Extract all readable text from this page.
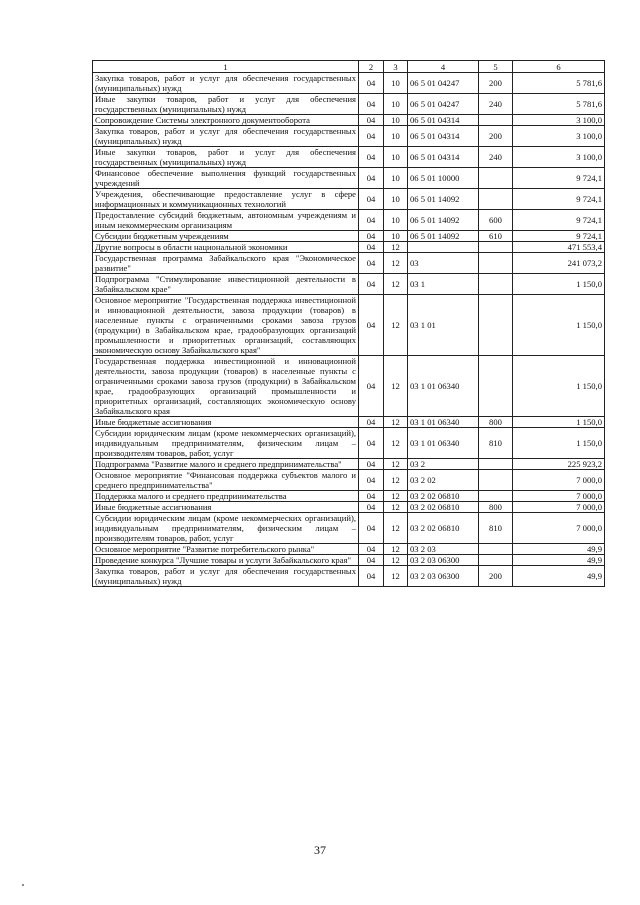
1	2	3	4	5	6
Закупка товаров, работ и услуг для обеспечения государственных (муниципальных) нужд	04	10	06 5 01 04247	200	5 781,6
Иные закупки товаров, работ и услуг для обеспечения государственных (муниципальных) нужд	04	10	06 5 01 04247	240	5 781,6
Сопровождение Системы электронного документооборота	04	10	06 5 01 04314		3 100,0
Закупка товаров, работ и услуг для обеспечения государственных (муниципальных) нужд	04	10	06 5 01 04314	200	3 100,0
Иные закупки товаров, работ и услуг для обеспечения государственных (муниципальных) нужд	04	10	06 5 01 04314	240	3 100,0
Финансовое обеспечение выполнения функций государственных учреждений	04	10	06 5 01 10000		9 724,1
Учреждения, обеспечивающие предоставление услуг в сфере информационных и коммуникационных технологий	04	10	06 5 01 14092		9 724,1
Предоставление субсидий бюджетным, автономным учреждениям и иным некоммерческим организациям	04	10	06 5 01 14092	600	9 724,1
Субсидии бюджетным учреждениям	04	10	06 5 01 14092	610	9 724,1
Другие вопросы в области национальной экономики	04	12			471 553,4
Государственная программа Забайкальского края "Экономическое развитие"	04	12	03		241 073,2
Подпрограмма "Стимулирование инвестиционной деятельности в Забайкальском крае"	04	12	03 1		1 150,0
Основное мероприятие "Государственная поддержка инвестиционной и инновационной деятельности, завоза продукции (товаров) в населенные пункты с ограниченными сроками завоза грузов (продукции) в Забайкальском крае, градообразующих организаций промышленности и приоритетных организаций, составляющих экономическую основу Забайкальского края"	04	12	03 1 01		1 150,0
Государственная поддержка инвестиционной и инновационной деятельности, завоза продукции (товаров) в населенные пункты с ограниченными сроками завоза грузов (продукции) в Забайкальском крае, градообразующих организаций промышленности и приоритетных организаций, составляющих экономическую основу Забайкальского края	04	12	03 1 01 06340		1 150,0
Иные бюджетные ассигнования	04	12	03 1 01 06340	800	1 150,0
Субсидии юридическим лицам (кроме некоммерческих организаций), индивидуальным предпринимателям, физическим лицам – производителям товаров, работ, услуг	04	12	03 1 01 06340	810	1 150,0
Подпрограмма "Развитие малого и среднего предпринимательства"	04	12	03 2		225 923,2
Основное мероприятие "Финансовая поддержка субъектов малого и среднего предпринимательства"	04	12	03 2 02		7 000,0
Поддержка малого и среднего предпринимательства	04	12	03 2 02 06810		7 000,0
Иные бюджетные ассигнования	04	12	03 2 02 06810	800	7 000,0
Субсидии юридическим лицам (кроме некоммерческих организаций), индивидуальным предпринимателям, физическим лицам – производителям товаров, работ, услуг	04	12	03 2 02 06810	810	7 000,0
Основное мероприятие "Развитие потребительского рынка"	04	12	03 2 03		49,9
Проведение конкурса "Лучшие товары и услуги Забайкальского края"	04	12	03 2 03 06300		49,9
Закупка товаров, работ и услуг для обеспечения государственных (муниципальных) нужд	04	12	03 2 03 06300	200	49,9
37
